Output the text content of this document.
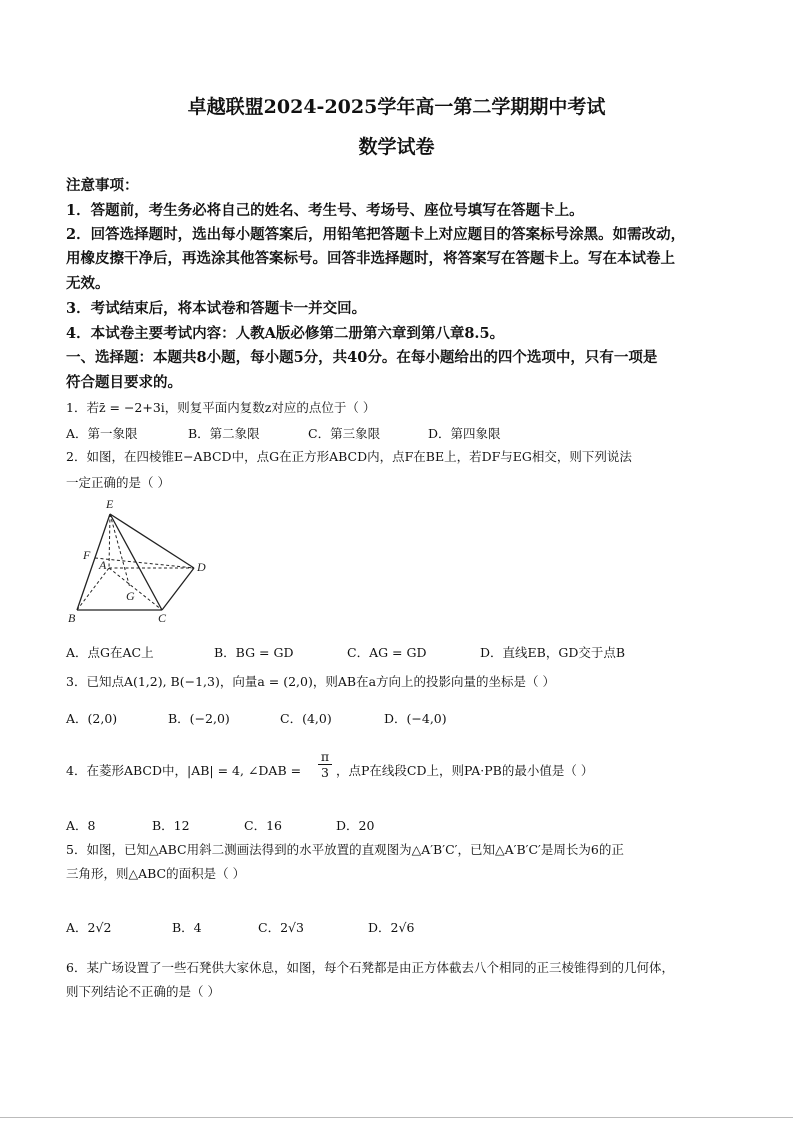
卓越联盟2024-2025学年高一第二学期期中考试
数学试卷
注意事项：
1．答题前，考生务必将自己的姓名、考生号、考场号、座位号填写在答题卡上。
2．回答选择题时，选出每小题答案后，用铅笔把答题卡上对应题目的答案标号涂黑。如需改动，
用橡皮擦干净后，再选涂其他答案标号。回答非选择题时，将答案写在答题卡上。写在本试卷上
无效。
3．考试结束后，将本试卷和答题卡一并交回。
4．本试卷主要考试内容：人教A版必修第二册第六章到第八章8.5。
一、选择题：本题共8小题，每小题5分，共40分。在每小题给出的四个选项中，只有一项是
符合题目要求的。
1．若z̄ = −2+3i，则复平面内复数z对应的点位于（ ）
A．第一象限	B．第二象限	C．第三象限	D．第四象限
2．如图，在四棱锥E−ABCD中，点G在正方形ABCD内，点F在BE上，若DF与EG相交，则下列说法
一定正确的是（ ）
E
F
A	D
G
B	C
A．点G在AC上	B．BG = GD	C．AG = GD	D．直线EB，GD交于点B
3．已知点A(1,2), B(−1,3)，向量a = (2,0)，则AB在a方向上的投影向量的坐标是（ ）
A．(2,0)	B．(−2,0)	C．(4,0)	D．(−4,0)
4．在菱形ABCD中，|AB| = 4, ∠DAB =
π
3 ，点P在线段CD上，则PA·PB的最小值是（ ）
A．8	B．12	C．16	D．20
5．如图，已知△ABC用斜二测画法得到的水平放置的直观图为△A′B′C′，已知△A′B′C′是周长为6的正
三角形，则△ABC的面积是（ ）
A．2√2	B．4	C．2√3	D．2√6
6．某广场设置了一些石凳供大家休息，如图，每个石凳都是由正方体截去八个相同的正三棱锥得到的几何体，
则下列结论不正确的是（ ）
